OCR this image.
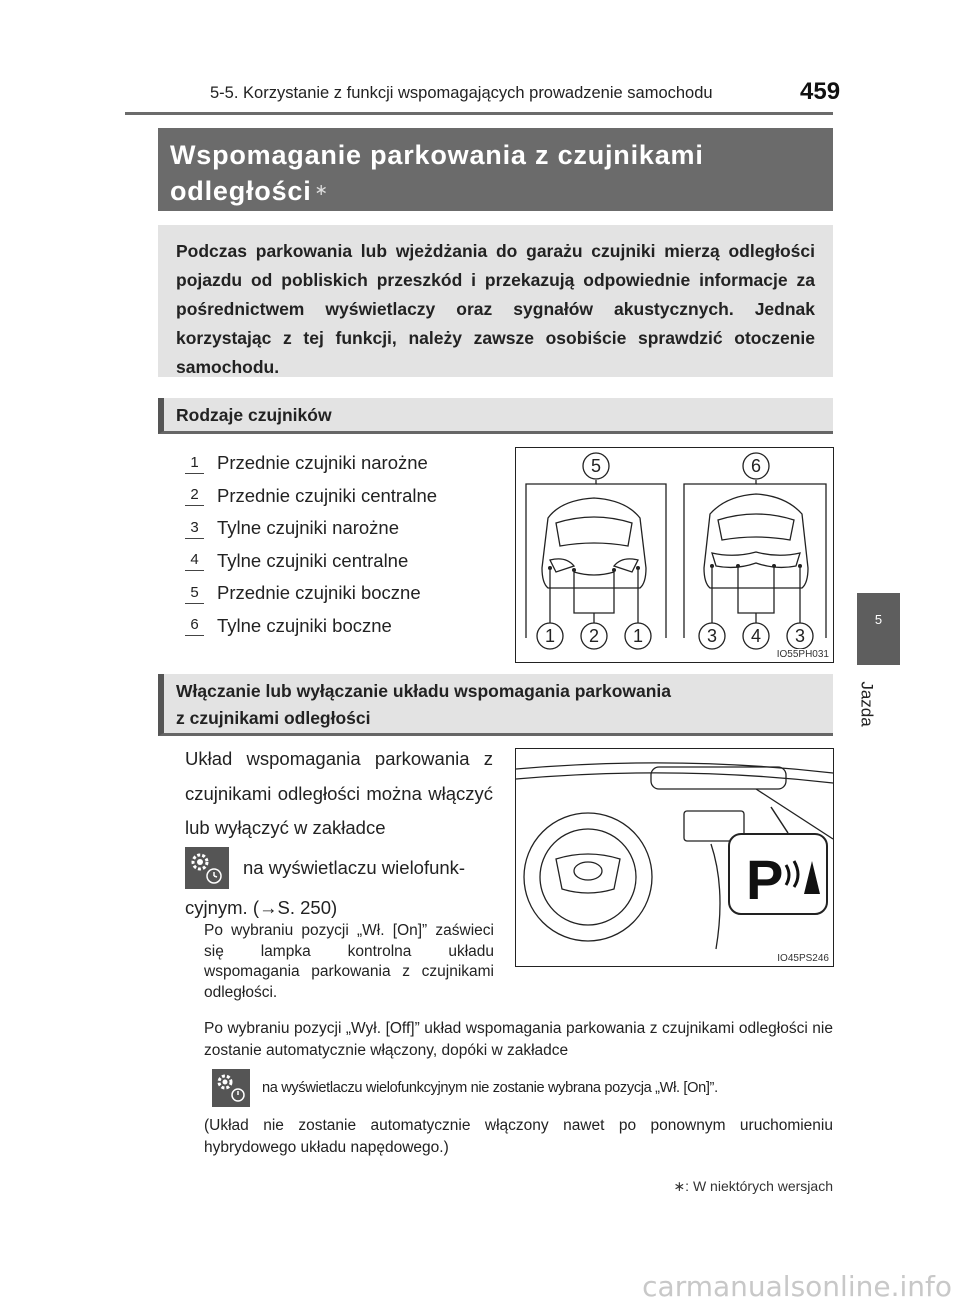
5-5. Korzystanie z funkcji wspomagających prowadzenie samochodu	459
5
Jazda
Wspomaganie parkowania z czujnikami odległości ∗

Podczas parkowania lub wjeżdżania do garażu czujniki mierzą odległości pojazdu od pobliskich przeszkód i przekazują odpowiednie informacje za pośrednictwem wyświetlaczy oraz sygnałów akustycznych. Jednak korzystając z tej funkcji, należy zawsze osobiście sprawdzić otoczenie samochodu.

Rodzaje czujników
1 Przednie czujniki narożne
2 Przednie czujniki centralne
3 Tylne czujniki narożne
4 Tylne czujniki centralne
5 Przednie czujniki boczne
6 Tylne czujniki boczne
5	6
1 2 1	3 4 3
IO55PH031
Włączanie lub wyłączanie układu wspomagania parkowania
z czujnikami odległości
Układ wspomagania parkowania z czujnikami odległości można włączyć lub wyłączyć w zakładce
na wyświetlaczu wielofunk-
cyjnym. (→S. 250)	P
IO45PS246
Po wybraniu pozycji „Wł. [On]” zaświeci się lampka kontrolna układu wspomagania parkowania z czujnikami odległości.
Po wybraniu pozycji „Wył. [Off]” układ wspomagania parkowania z czujnikami odległości nie zostanie automatycznie włączony, dopóki w zakładce
na wyświetlaczu wielofunkcyjnym nie zostanie wybrana pozycja „Wł. [On]”.
(Układ nie zostanie automatycznie włączony nawet po ponownym uruchomieniu hybrydowego układu napędowego.)
∗: W niektórych wersjach
carmanualsonline.info
